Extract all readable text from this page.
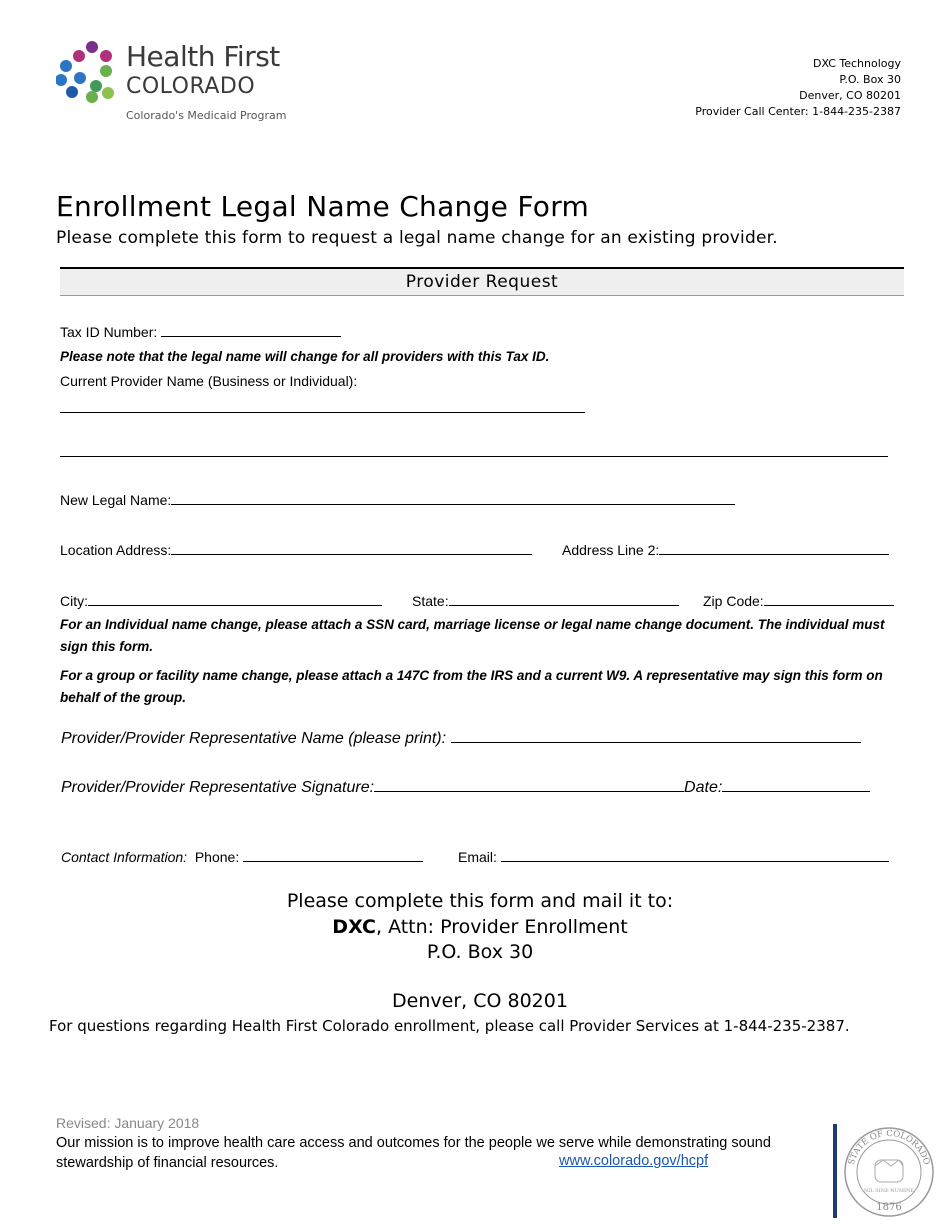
Health First
COLORADO
Colorado's Medicaid Program
DXC Technology
P.O. Box 30
Denver, CO 80201
Provider Call Center: 1-844-235-2387
Enrollment Legal Name Change Form
Please complete this form to request a legal name change for an existing provider.
Provider Request
Tax ID Number:
Please note that the legal name will change for all providers with this Tax ID.
Current Provider Name (Business or Individual):
New Legal Name:
Location Address:	Address Line 2:
City:	State:	Zip Code:
For an Individual name change, please attach a SSN card, marriage license or legal name change document. The individual must sign this form.
For a group or facility name change, please attach a 147C from the IRS and a current W9. A representative may sign this form on behalf of the group.
Provider/Provider Representative Name (please print):
Provider/Provider Representative Signature:	Date:
Contact Information: Phone:	Email:
Please complete this form and mail it to:
DXC, Attn: Provider Enrollment
P.O. Box 30
Denver, CO 80201
For questions regarding Health First Colorado enrollment, please call Provider Services at 1-844-235-2387.
Revised: January 2018
Our mission is to improve health care access and outcomes for the people we serve while demonstrating sound stewardship of financial resources.	www.colorado.gov/hcpf	STATE OF COLORADO
NIL SINE NUMINE
1876
